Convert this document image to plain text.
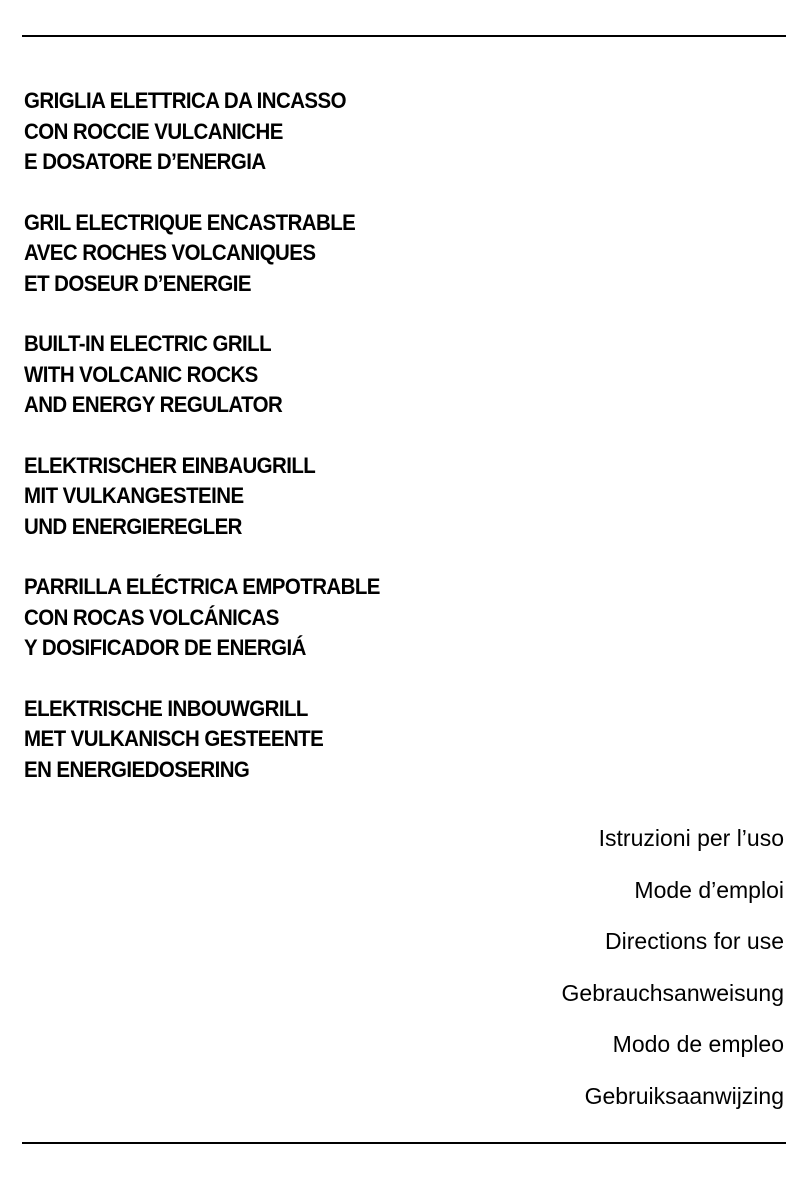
GRIGLIA ELETTRICA DA INCASSO
CON ROCCIE VULCANICHE
E DOSATORE D’ENERGIA
GRIL ELECTRIQUE ENCASTRABLE
AVEC ROCHES VOLCANIQUES
ET DOSEUR D’ENERGIE
BUILT-IN ELECTRIC GRILL
WITH VOLCANIC ROCKS
AND ENERGY REGULATOR
ELEKTRISCHER EINBAUGRILL
MIT VULKANGESTEINE
UND ENERGIEREGLER
PARRILLA ELÉCTRICA EMPOTRABLE
CON ROCAS VOLCÁNICAS
Y DOSIFICADOR DE ENERGIÁ
ELEKTRISCHE INBOUWGRILL
MET VULKANISCH GESTEENTE
EN ENERGIEDOSERING
Istruzioni per l’uso
Mode d’emploi
Directions for use
Gebrauchsanweisung
Modo de empleo
Gebruiksaanwijzing
